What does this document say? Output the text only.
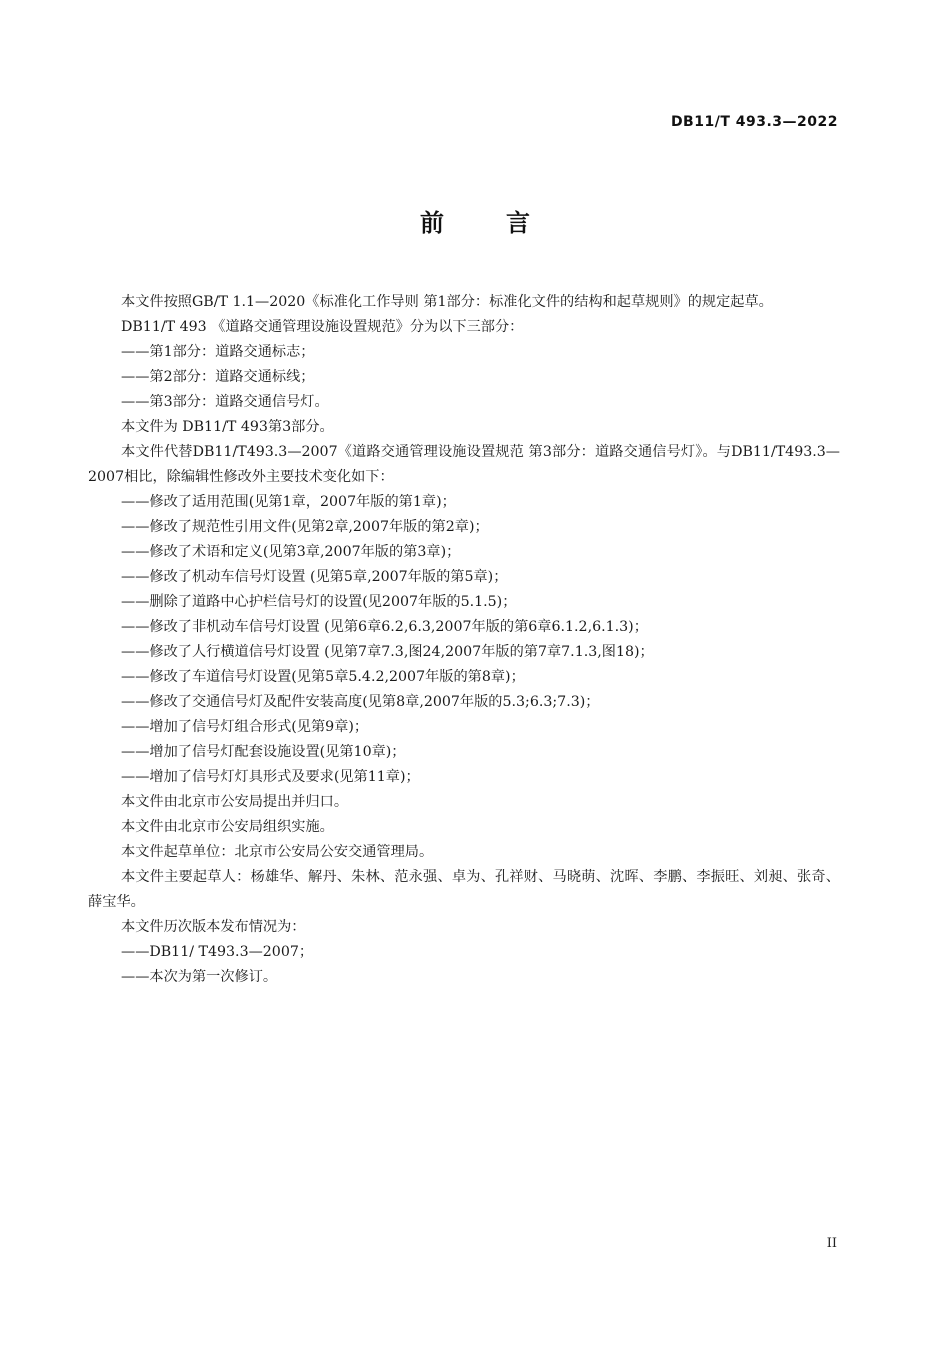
DB11/T 493.3—2022
前言

本文件按照GB/T 1.1—2020《标准化工作导则 第1部分：标准化文件的结构和起草规则》的规定起草。

DB11/T 493 《道路交通管理设施设置规范》分为以下三部分：

——第1部分：道路交通标志；

——第2部分：道路交通标线；

——第3部分：道路交通信号灯。

本文件为 DB11/T 493第3部分。

本文件代替DB11/T493.3—2007《道路交通管理设施设置规范 第3部分：道路交通信号灯》。与DB11/T493.3—2007相比，除编辑性修改外主要技术变化如下：

——修改了适用范围(见第1章，2007年版的第1章)；

——修改了规范性引用文件(见第2章,2007年版的第2章)；

——修改了术语和定义(见第3章,2007年版的第3章)；

——修改了机动车信号灯设置 (见第5章,2007年版的第5章)；

——删除了道路中心护栏信号灯的设置(见2007年版的5.1.5)；

——修改了非机动车信号灯设置 (见第6章6.2,6.3,2007年版的第6章6.1.2,6.1.3)；

——修改了人行横道信号灯设置 (见第7章7.3,图24,2007年版的第7章7.1.3,图18)；

——修改了车道信号灯设置(见第5章5.4.2,2007年版的第8章)；

——修改了交通信号灯及配件安装高度(见第8章,2007年版的5.3;6.3;7.3)；

——增加了信号灯组合形式(见第9章)；

——增加了信号灯配套设施设置(见第10章)；

——增加了信号灯灯具形式及要求(见第11章)；

本文件由北京市公安局提出并归口。

本文件由北京市公安局组织实施。

本文件起草单位：北京市公安局公安交通管理局。

本文件主要起草人：杨雄华、解丹、朱林、范永强、卓为、孔祥财、马晓萌、沈晖、李鹏、李振旺、刘昶、张奇、薛宝华。

本文件历次版本发布情况为：

——DB11/ T493.3—2007；

——本次为第一次修订。

II
